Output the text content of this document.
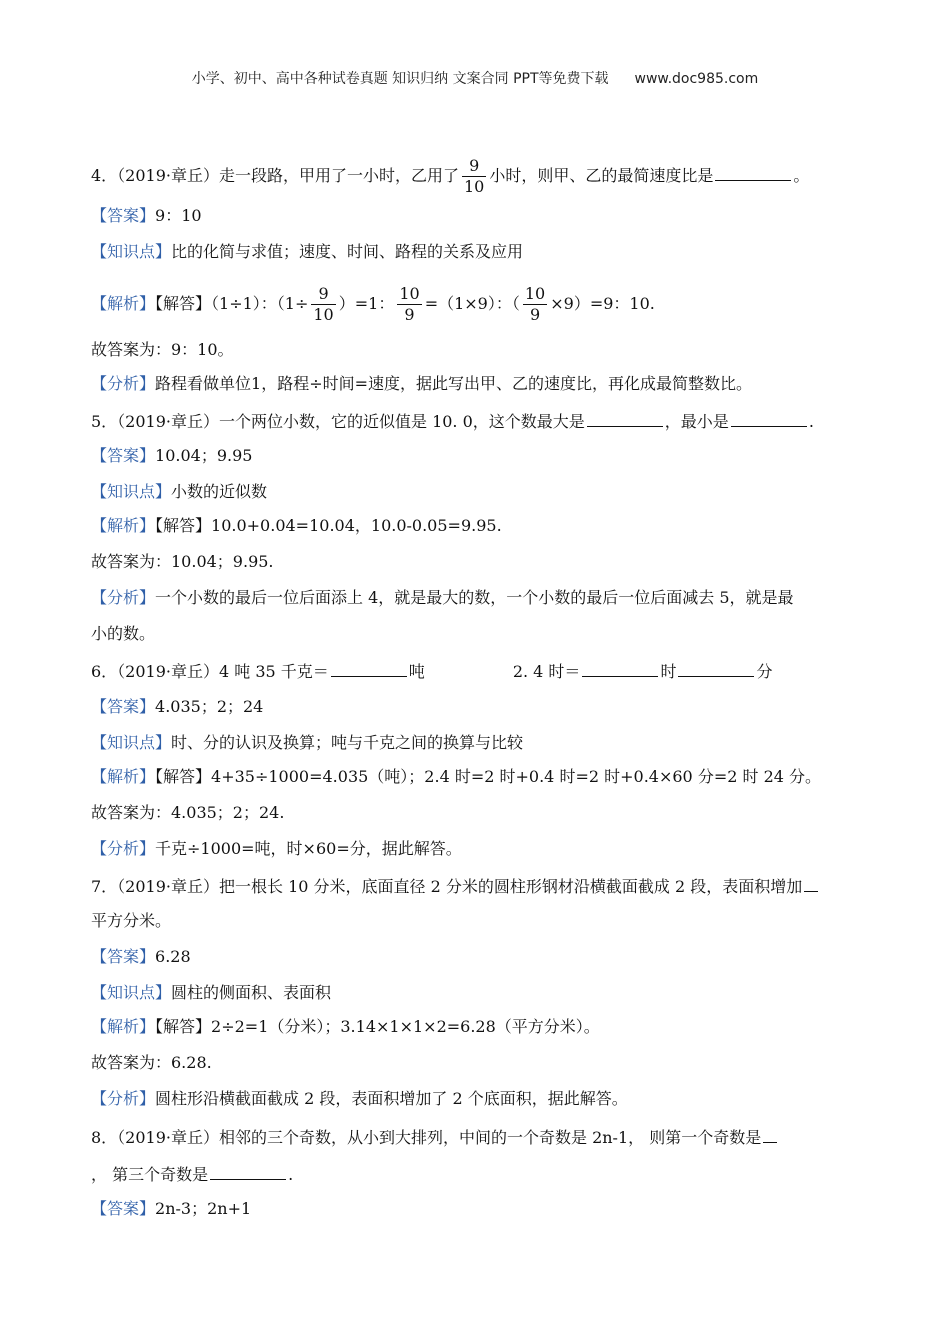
小学、初中、高中各种试卷真题 知识归纳 文案合同 PPT等免费下载 www.doc985.com
4．（2019·章丘）走一段路，甲用了一小时，乙用了 $\frac{9}{10}$ 小时，则甲、乙的最简速度比是	。
【答案】9：10
【知识点】比的化简与求值；速度、时间、路程的关系及应用
【解析】【解答】（1÷1）：$(1\div \frac{9}{10} )=1$： $\frac{10}{9} =(1\times 9)$：（ $\frac{10}{9} \times 9)=9$：10.
故答案为：9：10。
【分析】路程看做单位1，路程÷时间=速度，据此写出甲、乙的速度比，再化成最简整数比。
5．（2019·章丘）一个两位小数，它的近似值是 10. 0，这个数最大是	，最小是	.
【答案】10.04；9.95
【知识点】小数的近似数
【解析】【解答】10.0+0.04=10.04，10.0-0.05=9.95.
故答案为：10.04；9.95.
【分析】一个小数的最后一位后面添上 4，就是最大的数，一个小数的最后一位后面减去 5，就是最
小的数。
6．（2019·章丘）4 吨 35 千克＝	吨	2. 4 时＝	时	分
【答案】4.035；2；24
【知识点】时、分的认识及换算；吨与千克之间的换算与比较
【解析】【解答】4+35÷1000=4.035（吨）；2.4 时=2 时+0.4 时=2 时+0.4×60 分=2 时 24 分。
故答案为：4.035；2；24.
【分析】千克÷1000=吨，时×60=分，据此解答。
7．（2019·章丘）把一根长 10 分米，底面直径 2 分米的圆柱形钢材沿横截面截成 2 段，表面积增加
平方分米。
【答案】6.28
【知识点】圆柱的侧面积、表面积
【解析】【解答】2÷2=1（分米）；3.14×1×1×2=6.28（平方分米）。
故答案为：6.28.
【分析】圆柱形沿横截面截成 2 段，表面积增加了 2 个底面积，据此解答。
8．（2019·章丘）相邻的三个奇数，从小到大排列，中间的一个奇数是 2n-1， 则第一个奇数是
， 第三个奇数是	.
【答案】2n-3；2n+1
